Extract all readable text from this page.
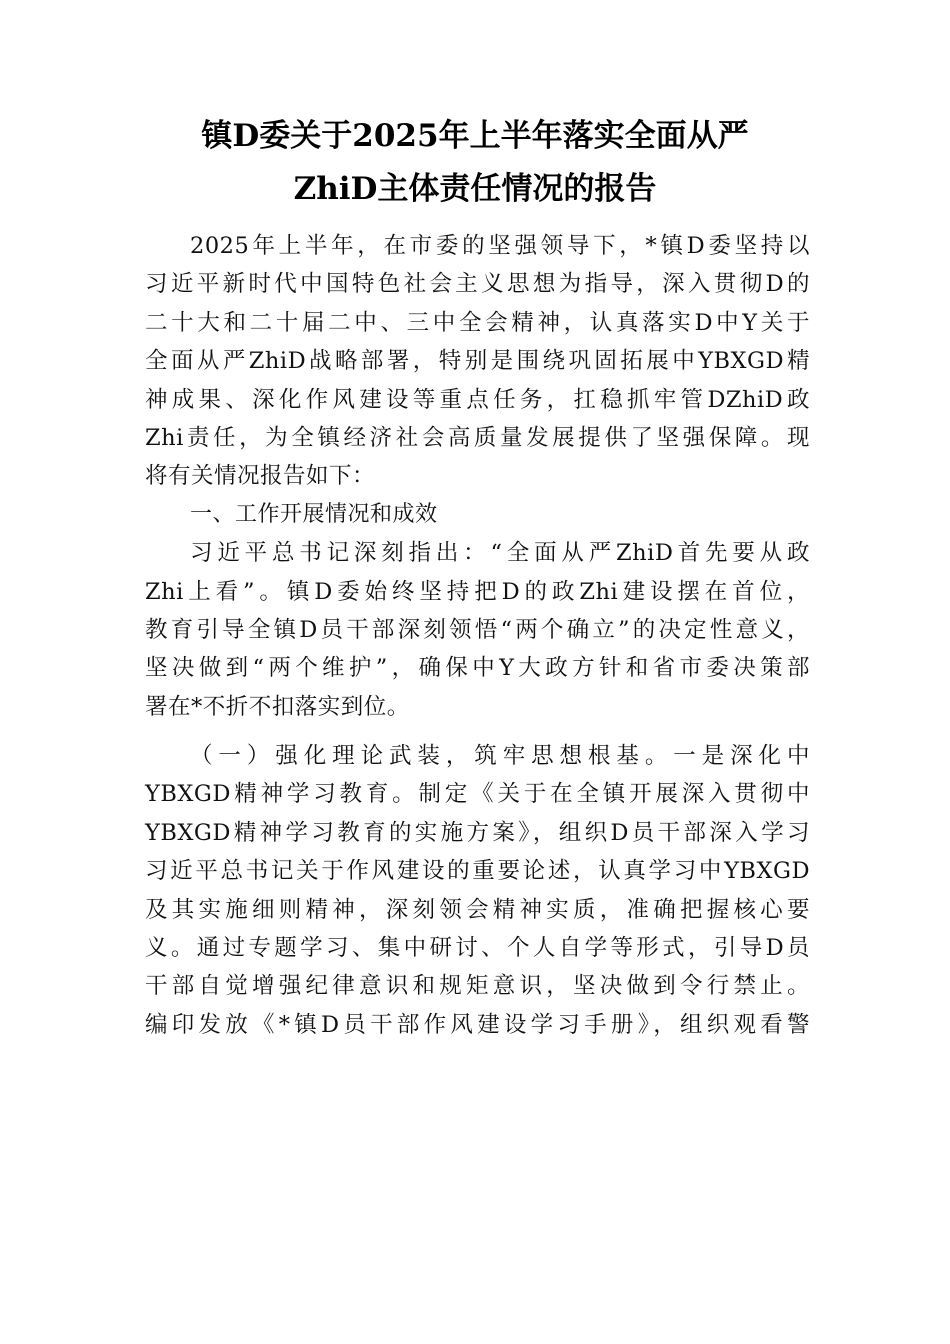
镇D委关于2025年上半年落实全面从严
ZhiD主体责任情况的报告
2025年上半年，在市委的坚强领导下，*镇D委坚持以
习近平新时代中国特色社会主义思想为指导，深入贯彻D的
二十大和二十届二中、三中全会精神，认真落实D中Y关于
全面从严ZhiD战略部署，特别是围绕巩固拓展中YBXGD精
神成果、深化作风建设等重点任务，扛稳抓牢管DZhiD政
Zhi责任，为全镇经济社会高质量发展提供了坚强保障。现
将有关情况报告如下：
一、工作开展情况和成效
习近平总书记深刻指出：“全面从严ZhiD首先要从政
Zhi上看”。镇D委始终坚持把D的政Zhi建设摆在首位，
教育引导全镇D员干部深刻领悟“两个确立”的决定性意义，
坚决做到“两个维护”，确保中Y大政方针和省市委决策部
署在*不折不扣落实到位。
（一）强化理论武装，筑牢思想根基。一是深化中
YBXGD精神学习教育。制定《关于在全镇开展深入贯彻中
YBXGD精神学习教育的实施方案》，组织D员干部深入学习
习近平总书记关于作风建设的重要论述，认真学习中YBXGD
及其实施细则精神，深刻领会精神实质，准确把握核心要
义。通过专题学习、集中研讨、个人自学等形式，引导D员
干部自觉增强纪律意识和规矩意识，坚决做到令行禁止。
编印发放《*镇D员干部作风建设学习手册》，组织观看警
